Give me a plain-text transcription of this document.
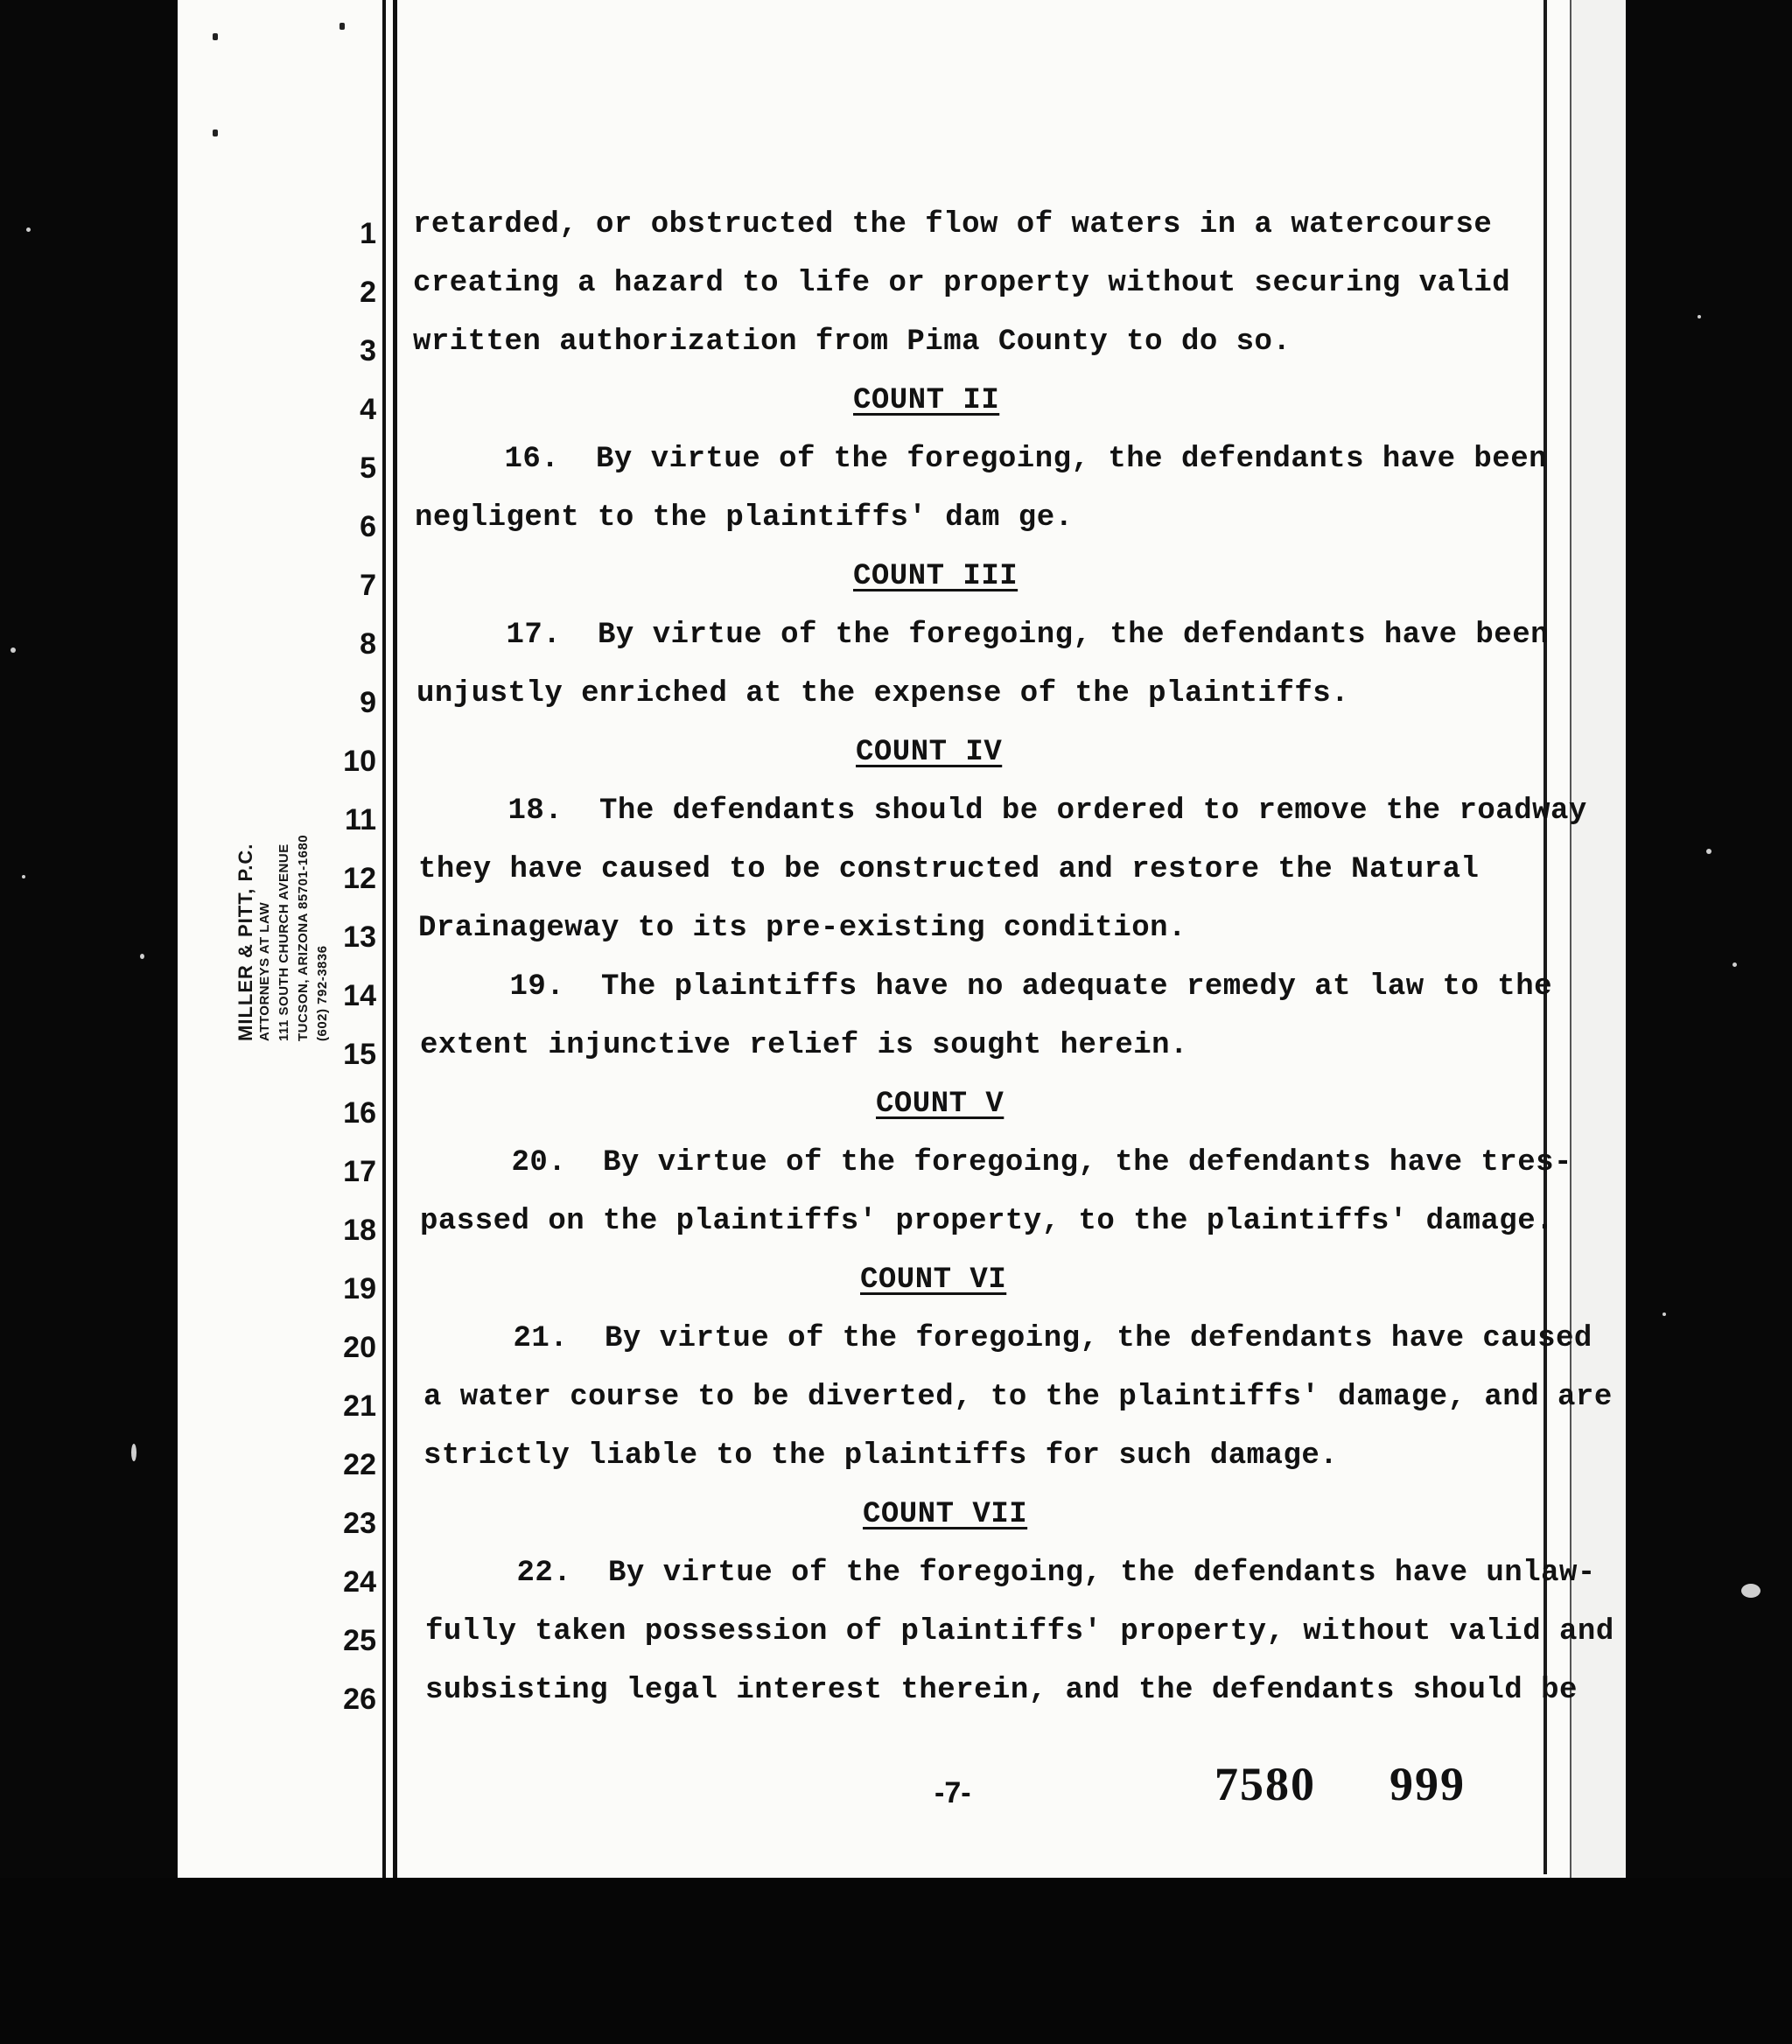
MILLER & PITT, P.C. ATTORNEYS AT LAW 111 SOUTH CHURCH AVENUE TUCSON, ARIZONA 85701-1680 (602) 792-3836
1
2
3
4
5
6
7
8
9
10
11
12
13
14
15
16
17
18
19
20
21
22
23
24
25
26
retarded, or obstructed the flow of waters in a watercourse
creating a hazard to life or property without securing valid
written authorization from Pima County to do so.
COUNT II
16.  By virtue of the foregoing, the defendants have been
negligent to the plaintiffs' dam ge.
COUNT III
17.  By virtue of the foregoing, the defendants have been
unjustly enriched at the expense of the plaintiffs.
COUNT IV
18.  The defendants should be ordered to remove the roadway
they have caused to be constructed and restore the Natural
Drainageway to its pre-existing condition.
19.  The plaintiffs have no adequate remedy at law to the
extent injunctive relief is sought herein.
COUNT V
20.  By virtue of the foregoing, the defendants have tres-
passed on the plaintiffs' property, to the plaintiffs' damage.
COUNT VI
21.  By virtue of the foregoing, the defendants have caused
a water course to be diverted, to the plaintiffs' damage, and are
strictly liable to the plaintiffs for such damage.
COUNT VII
22.  By virtue of the foregoing, the defendants have unlaw-
fully taken possession of plaintiffs' property, without valid and
subsisting legal interest therein, and the defendants should be
-7-	7580 999
